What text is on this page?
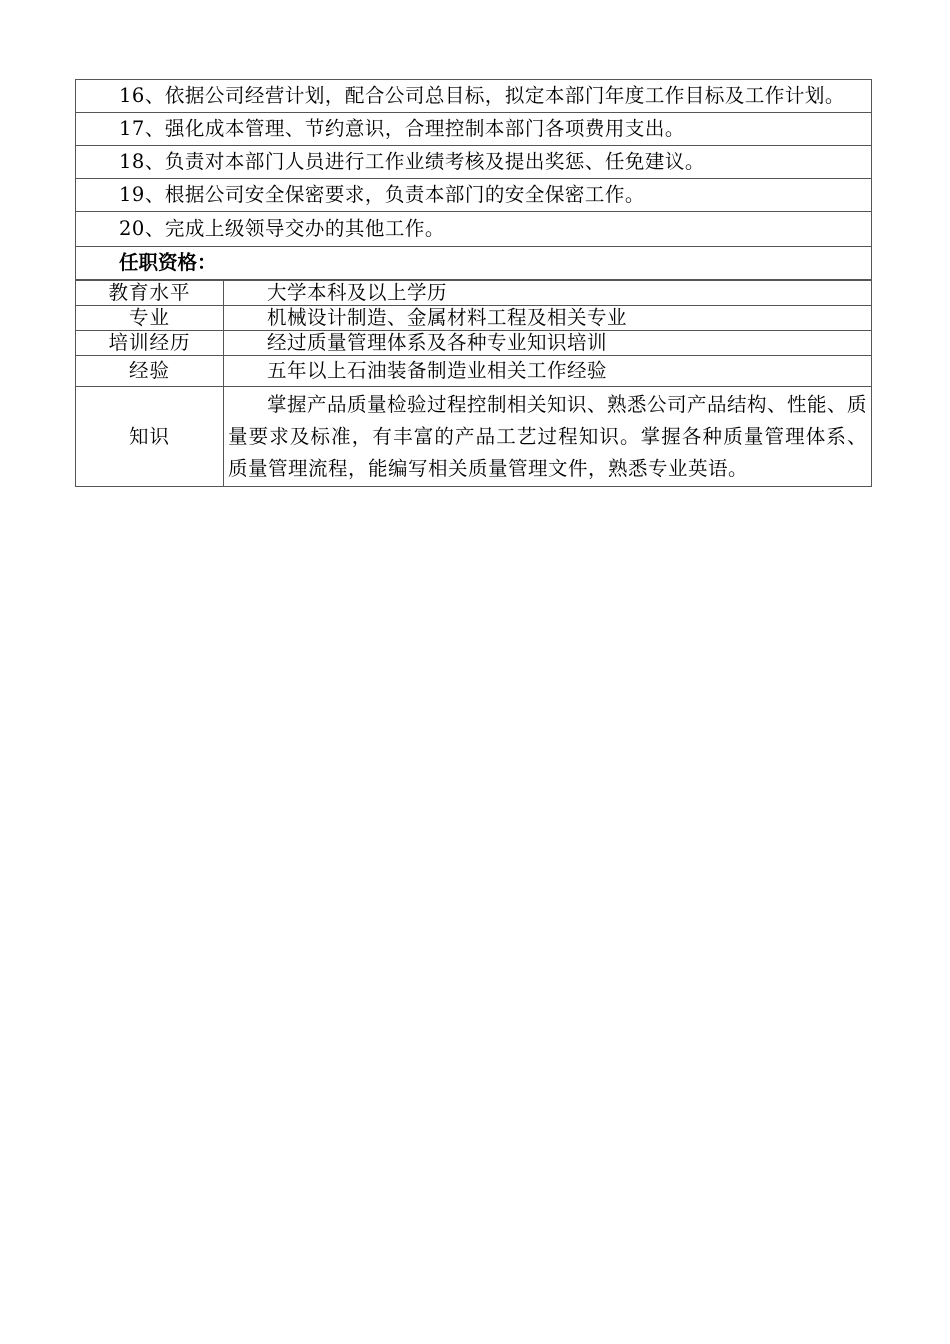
16、依据公司经营计划，配合公司总目标，拟定本部门年度工作目标及工作计划。
17、强化成本管理、节约意识，合理控制本部门各项费用支出。
18、负责对本部门人员进行工作业绩考核及提出奖惩、任免建议。
19、根据公司安全保密要求，负责本部门的安全保密工作。
20、完成上级领导交办的其他工作。
任职资格：
教育水平	大学本科及以上学历
专业	机械设计制造、金属材料工程及相关专业
培训经历	经过质量管理体系及各种专业知识培训
经验	五年以上石油装备制造业相关工作经验
知识	掌握产品质量检验过程控制相关知识、熟悉公司产品结构、性能、质量要求及标准，有丰富的产品工艺过程知识。掌握各种质量管理体系、质量管理流程，能编写相关质量管理文件，熟悉专业英语。
